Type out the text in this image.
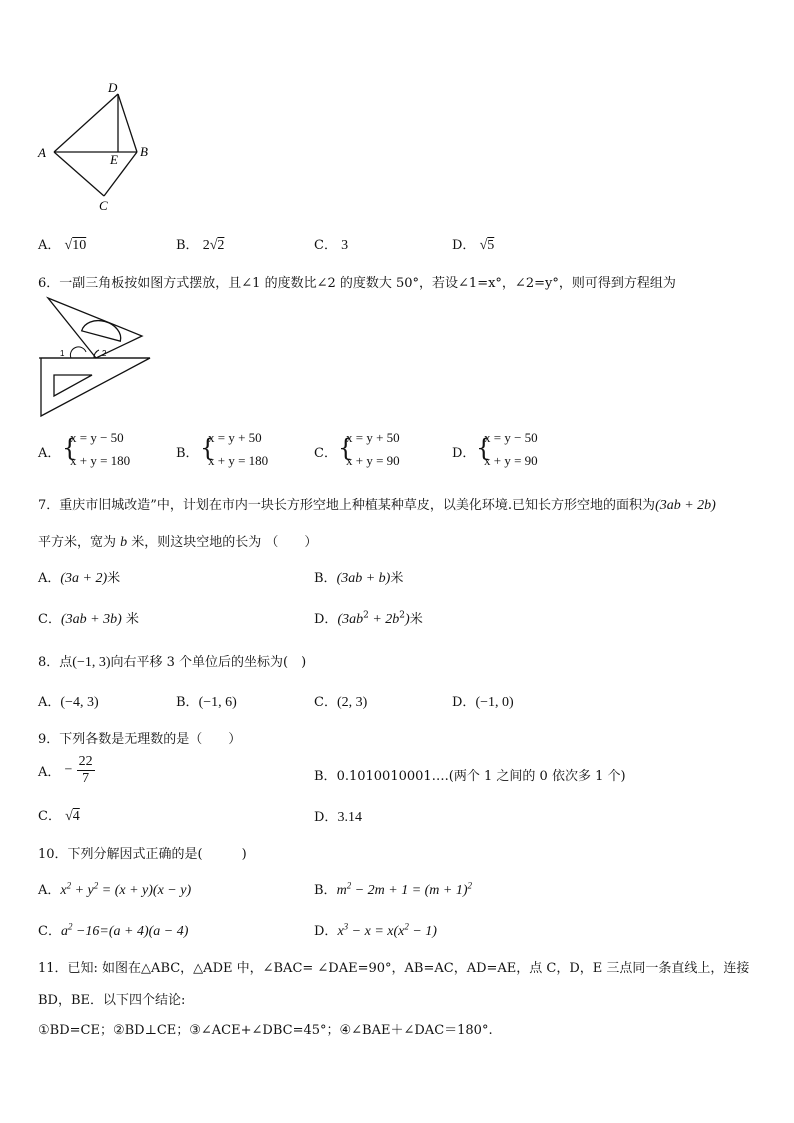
D
A	E
B
C
A． √10	B． 2√2	C． 3	D． √5
6．一副三角板按如图方式摆放，且∠1 的度数比∠2 的度数大 50°，若设∠1=x°，∠2=y°，则可得到方程组为
1	2
A． {
x = y − 50
x + y = 180	B． {
x = y + 50
x + y = 180	C． {
x = y + 50
x + y = 90	D． {
x = y − 50
x + y = 90
7．重庆市旧城改造”中，计划在市内一块长方形空地上种植某种草皮，以美化环境.已知长方形空地的面积为(3ab + 2b)
平方米，宽为 b 米，则这块空地的长为 （　　）
A．(3a + 2)米	B．(3ab + b)米
C．(3ab + 3b) 米	D．$(3ab^2 + 2b^2)$米
8．点(−1, 3)向右平移 3 个单位后的坐标为(　)
A．(−4, 3)	B．(−1, 6)	C．(2, 3)	D．(−1, 0)
9．下列各数是无理数的是（　　）
A． − $\frac{22}{7}$	B．0.1010010001….(两个 1 之间的 0 依次多 1 个)
C． √4	D．3.14
10．下列分解因式正确的是(　　　)
A．$x^2 + y^2 = (x + y)(x - y)$	B．$m^2 - 2m + 1 = (m + 1)^2$
C．$a^2 -16=(a + 4)(a - 4)$	D．$x^3 - x = x(x^2 - 1)$
11．已知: 如图在△ABC，△ADE 中，∠BAC= ∠DAE=90°，AB=AC，AD=AE，点 C，D，E 三点同一条直线上，连接
BD，BE．以下四个结论:
①BD=CE；②BD⊥CE；③∠ACE+∠DBC=45°；④∠BAE＋∠DAC＝180°.
